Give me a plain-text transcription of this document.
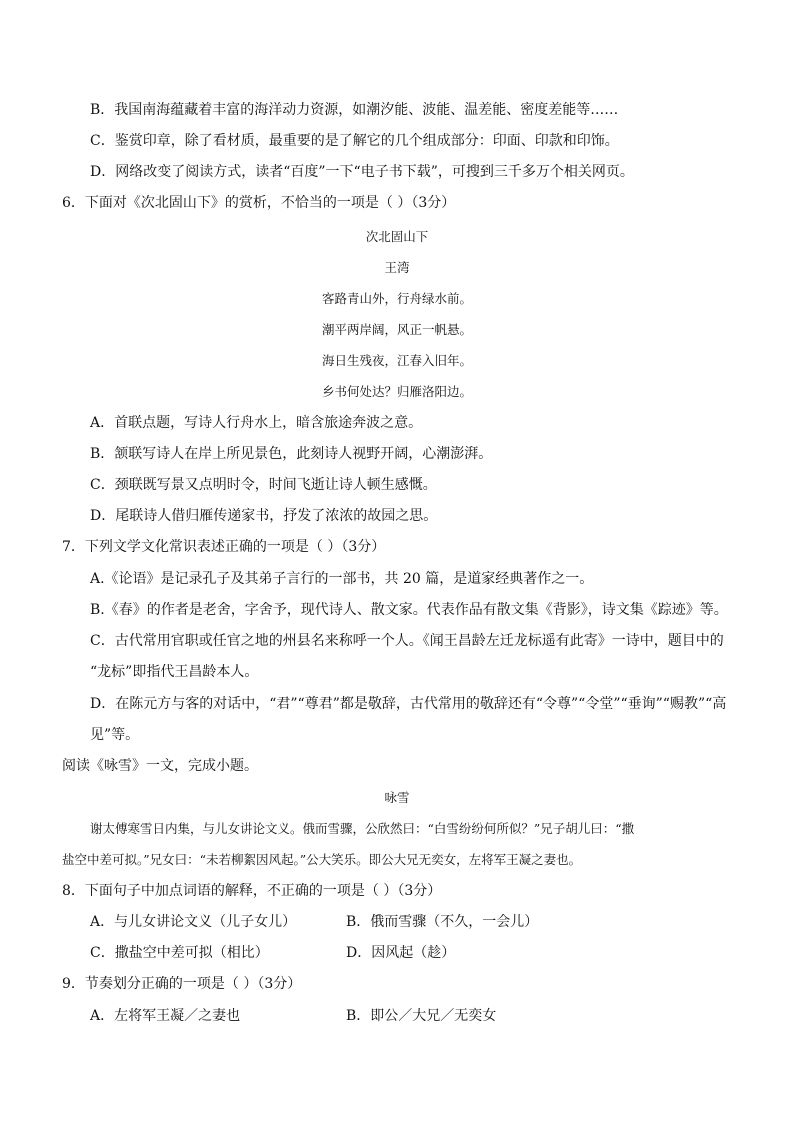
B．我国南海蕴藏着丰富的海洋动力资源，如潮汐能、波能、温差能、密度差能等……
C．鉴赏印章，除了看材质，最重要的是了解它的几个组成部分：印面、印款和印饰。
D．网络改变了阅读方式，读者“百度”一下“电子书下载”，可搜到三千多万个相关网页。
6．下面对《次北固山下》的赏析，不恰当的一项是（ ）（3分）
次北固山下
王湾
客路青山外，行舟绿水前。
潮平两岸阔，风正一帆悬。
海日生残夜，江春入旧年。
乡书何处达？归雁洛阳边。
A．首联点题，写诗人行舟水上，暗含旅途奔波之意。
B．颔联写诗人在岸上所见景色，此刻诗人视野开阔，心潮澎湃。
C．颈联既写景又点明时令，时间飞逝让诗人顿生感慨。
D．尾联诗人借归雁传递家书，抒发了浓浓的故园之思。
7．下列文学文化常识表述正确的一项是（ ）（3分）
A.《论语》是记录孔子及其弟子言行的一部书，共 20 篇，是道家经典著作之一。
B.《春》的作者是老舍，字舍予，现代诗人、散文家。代表作品有散文集《背影》，诗文集《踪迹》等。
C．古代常用官职或任官之地的州县名来称呼一个人。《闻王昌龄左迁龙标遥有此寄》一诗中，题目中的
“龙标”即指代王昌龄本人。
D．在陈元方与客的对话中，“君”“尊君”都是敬辞，古代常用的敬辞还有“令尊”“令堂”“垂询”“赐教”“高
见”等。
阅读《咏雪》一文，完成小题。
咏雪
谢太傅寒雪日内集，与儿女讲论文义。俄而雪骤，公欣然曰：“白雪纷纷何所似？”兄子胡儿曰：“撒
盐空中差可拟。”兄女曰：“未若柳絮因风起。”公大笑乐。即公大兄无奕女，左将军王凝之妻也。
8．下面句子中加点词语的解释，不正确的一项是（ ）（3分）
A．与儿女讲论文义（儿子女儿）	B．俄而雪骤（不久，一会儿）
C．撒盐空中差可拟（相比）	D．因风起（趁）
9．节奏划分正确的一项是（ ）（3分）
A．左将军王凝／之妻也	B．即公／大兄／无奕女
